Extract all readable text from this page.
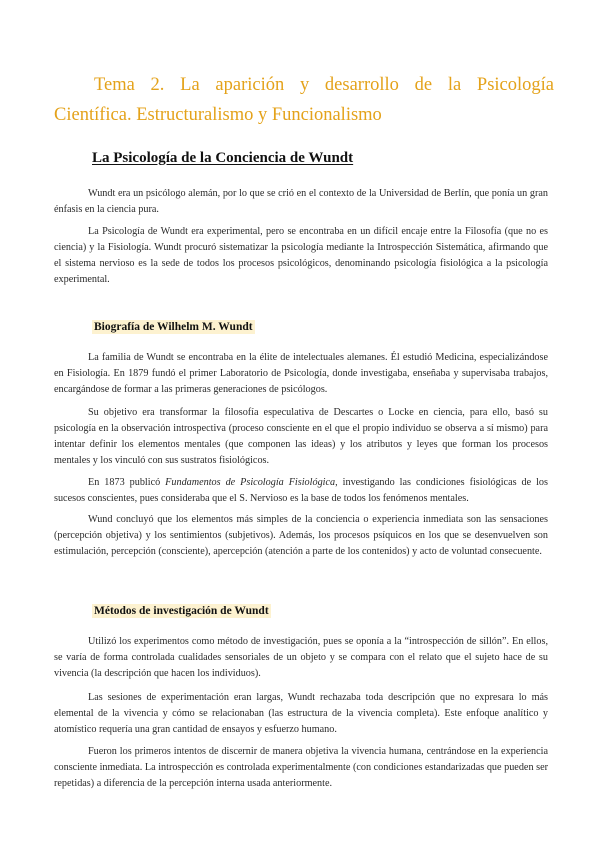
Tema 2. La aparición y desarrollo de la Psicología
Científica. Estructuralismo y Funcionalismo
La Psicología de la Conciencia de Wundt

Wundt era un psicólogo alemán, por lo que se crió en el contexto de la Universidad de Berlín, que ponía un gran énfasis en la ciencia pura.

La Psicología de Wundt era experimental, pero se encontraba en un difícil encaje entre la Filosofía (que no es ciencia) y la Fisiología. Wundt procuró sistematizar la psicología mediante la Introspección Sistemática, afirmando que el sistema nervioso es la sede de todos los procesos psicológicos, denominando psicología fisiológica a la psicología experimental.

Biografía de Wilhelm M. Wundt

La familia de Wundt se encontraba en la élite de intelectuales alemanes. Él estudió Medicina, especializándose en Fisiología. En 1879 fundó el primer Laboratorio de Psicología, donde investigaba, enseñaba y supervisaba trabajos, encargándose de formar a las primeras generaciones de psicólogos.

Su objetivo era transformar la filosofía especulativa de Descartes o Locke en ciencia, para ello, basó su psicología en la observación introspectiva (proceso consciente en el que el propio individuo se observa a sí mismo) para intentar definir los elementos mentales (que componen las ideas) y los atributos y leyes que forman los procesos mentales y los vinculó con sus sustratos fisiológicos.

En 1873 publicó Fundamentos de Psicología Fisiológica, investigando las condiciones fisiológicas de los sucesos conscientes, pues consideraba que el S. Nervioso es la base de todos los fenómenos mentales.

Wund concluyó que los elementos más simples de la conciencia o experiencia inmediata son las sensaciones (percepción objetiva) y los sentimientos (subjetivos). Además, los procesos psíquicos en los que se desenvuelven son estimulación, percepción (consciente), apercepción (atención a parte de los contenidos) y acto de voluntad consecuente.

Métodos de investigación de Wundt

Utilizó los experimentos como método de investigación, pues se oponía a la “introspección de sillón”. En ellos, se varía de forma controlada cualidades sensoriales de un objeto y se compara con el relato que el sujeto hace de su vivencia (la descripción que hacen los individuos).

Las sesiones de experimentación eran largas, Wundt rechazaba toda descripción que no expresara lo más elemental de la vivencia y cómo se relacionaban (las estructura de la vivencia completa). Este enfoque analítico y atomístico requería una gran cantidad de ensayos y esfuerzo humano.

Fueron los primeros intentos de discernir de manera objetiva la vivencia humana, centrándose en la experiencia consciente inmediata. La introspección es controlada experimentalmente (con condiciones estandarizadas que pueden ser repetidas) a diferencia de la percepción interna usada anteriormente.
